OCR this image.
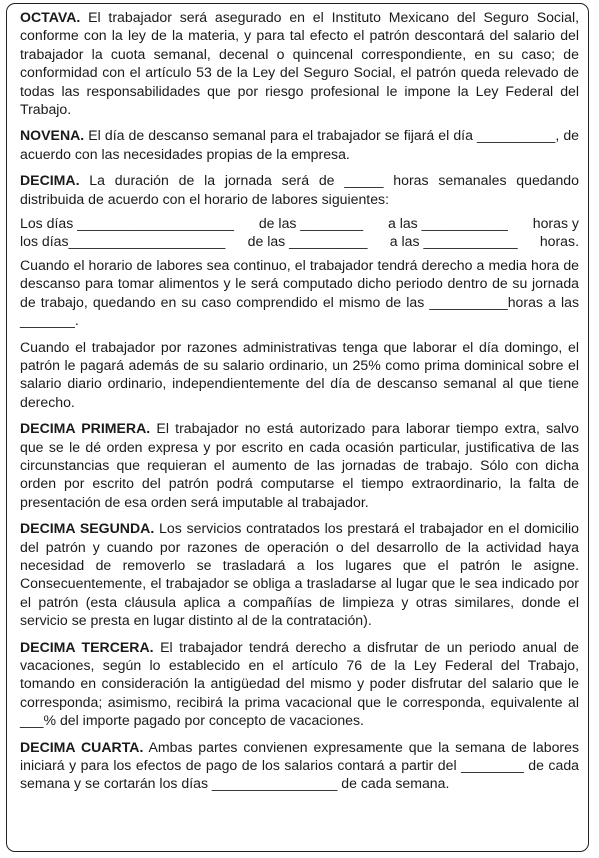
OCTAVA. El trabajador será asegurado en el Instituto Mexicano del Seguro Social, conforme con la ley de la materia, y para tal efecto el patrón descontará del salario del trabajador la cuota semanal, decenal o quincenal correspondiente, en su caso; de conformidad con el artículo 53 de la Ley del Seguro Social, el patrón queda relevado de todas las responsabilidades que por riesgo profesional le impone la Ley Federal del Trabajo.

NOVENA. El día de descanso semanal para el trabajador se fijará el día __________, de acuerdo con las necesidades propias de la empresa.

DECIMA. La duración de la jornada será de _____ horas semanales quedando distribuida de acuerdo con el horario de labores siguientes:

Los días ____________________ de las ________ a las ___________ horas y
los días____________________ de las __________ a las ____________ horas.

Cuando el horario de labores sea continuo, el trabajador tendrá derecho a media hora de descanso para tomar alimentos y le será computado dicho periodo dentro de su jornada de trabajo, quedando en su caso comprendido el mismo de las __________horas a las _______.

Cuando el trabajador por razones administrativas tenga que laborar el día domingo, el patrón le pagará además de su salario ordinario, un 25% como prima dominical sobre el salario diario ordinario, independientemente del día de descanso semanal al que tiene derecho.

DECIMA PRIMERA. El trabajador no está autorizado para laborar tiempo extra, salvo que se le dé orden expresa y por escrito en cada ocasión particular, justificativa de las circunstancias que requieran el aumento de las jornadas de trabajo. Sólo con dicha orden por escrito del patrón podrá computarse el tiempo extraordinario, la falta de presentación de esa orden será imputable al trabajador.

DECIMA SEGUNDA. Los servicios contratados los prestará el trabajador en el domicilio del patrón y cuando por razones de operación o del desarrollo de la actividad haya necesidad de removerlo se trasladará a los lugares que el patrón le asigne. Consecuentemente, el trabajador se obliga a trasladarse al lugar que le sea indicado por el patrón (esta cláusula aplica a compañías de limpieza y otras similares, donde el servicio se presta en lugar distinto al de la contratación).

DECIMA TERCERA. El trabajador tendrá derecho a disfrutar de un periodo anual de vacaciones, según lo establecido en el artículo 76 de la Ley Federal del Trabajo, tomando en consideración la antigüedad del mismo y poder disfrutar del salario que le corresponda; asimismo, recibirá la prima vacacional que le corresponda, equivalente al ___% del importe pagado por concepto de vacaciones.

DECIMA CUARTA. Ambas partes convienen expresamente que la semana de labores iniciará y para los efectos de pago de los salarios contará a partir del ________ de cada semana y se cortarán los días ________________ de cada semana.
